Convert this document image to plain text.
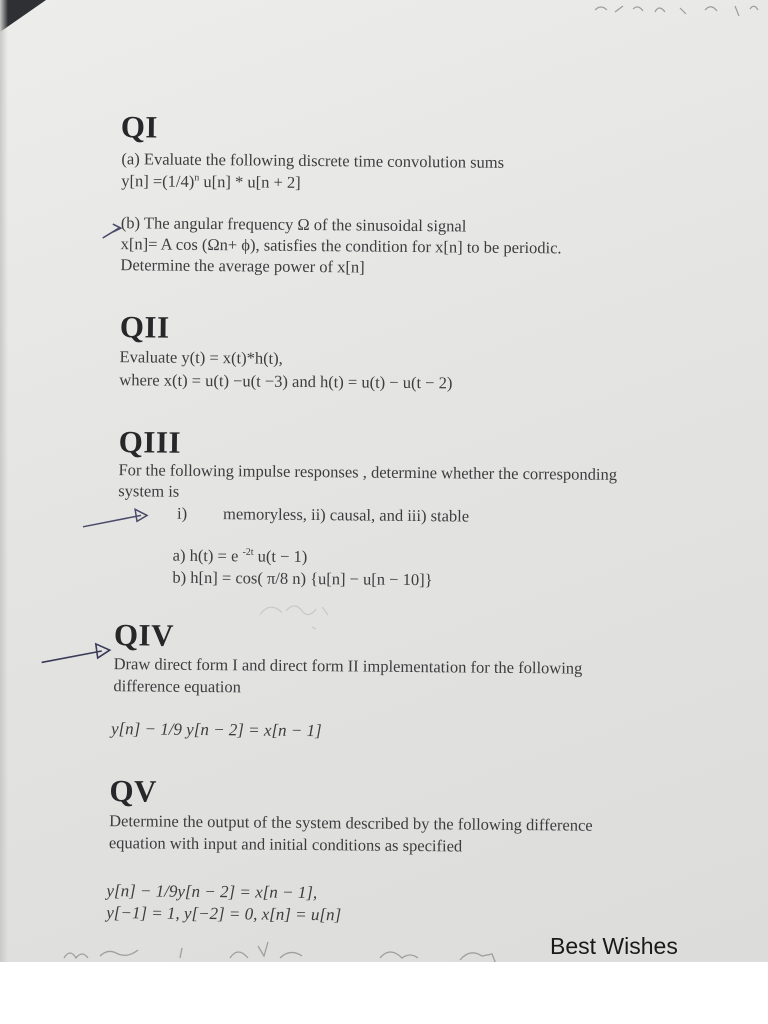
QI
(a) Evaluate the following discrete time convolution sums
$y[n] =(1/4)^n$ u[n] * u[n + 2]
(b) The angular frequency Ω of the sinusoidal signal
x[n]= A cos (Ωn+ ϕ), satisfies the condition for x[n] to be periodic.
Determine the average power of x[n]
QII
Evaluate y(t) = x(t)*h(t),
where x(t) = u(t) −u(t −3) and h(t) = u(t) − u(t − 2)
QIII
For the following impulse responses , determine whether the corresponding
system is
i) memoryless, ii) causal, and iii) stable
a) h(t) = e $^{-2t}$ u(t − 1)
b) h[n] = cos( π/8 n) {u[n] − u[n − 10]}
QIV
Draw direct form I and direct form II implementation for the following
difference equation
y[n] − 1/9 y[n − 2] = x[n − 1]
QV
Determine the output of the system described by the following difference
equation with input and initial conditions as specified
y[n] − 1/9y[n − 2] = x[n − 1],
y[−1] = 1, y[−2] = 0, x[n] = u[n]
Best Wishes
